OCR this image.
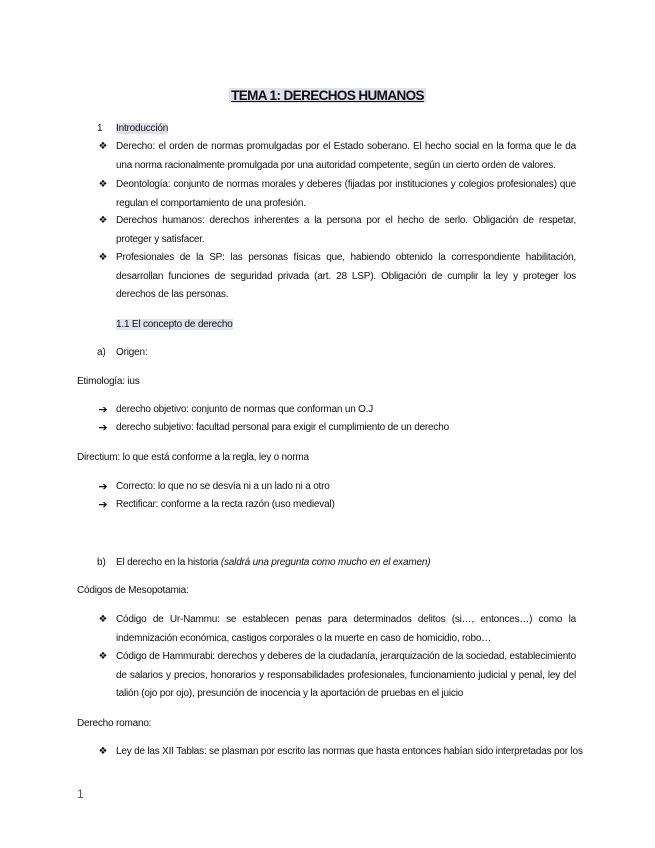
TEMA 1: DERECHOS HUMANOS
1 Introducción
❖ Derecho: el orden de normas promulgadas por el Estado soberano. El hecho social en la forma que le da una norma racionalmente promulgada por una autoridad competente, según un cierto orden de valores.
❖ Deontología: conjunto de normas morales y deberes (fijadas por instituciones y colegios profesionales) que regulan el comportamiento de una profesión.
❖ Derechos humanos: derechos inherentes a la persona por el hecho de serlo. Obligación de respetar, proteger y satisfacer.
❖ Profesionales de la SP: las personas físicas que, habiendo obtenido la correspondiente habilitación, desarrollan funciones de seguridad privada (art. 28 LSP). Obligación de cumplir la ley y proteger los derechos de las personas.
1.1 El concepto de derecho
a) Origen:
Etimología: ius
➔ derecho objetivo: conjunto de normas que conforman un O.J
➔ derecho subjetivo: facultad personal para exigir el cumplimiento de un derecho
Directium: lo que está conforme a la regla, ley o norma
➔ Correcto: lo que no se desvía ni a un lado ni a otro
➔ Rectificar: conforme a la recta razón (uso medieval)
b) El derecho en la historia (saldrá una pregunta como mucho en el examen)
Códigos de Mesopotamia:
❖ Código de Ur-Nammu: se establecen penas para determinados delitos (si…, entonces…) como la indemnización económica, castigos corporales o la muerte en caso de homicidio, robo…
❖ Código de Hammurabi: derechos y deberes de la ciudadanía, jerarquización de la sociedad, establecimiento de salarios y precios, honorarios y responsabilidades profesionales, funcionamiento judicial y penal, ley del talión (ojo por ojo), presunción de inocencia y la aportación de pruebas en el juicio
Derecho romano:
❖ Ley de las XII Tablas: se plasman por escrito las normas que hasta entonces habían sido interpretadas por los
1
